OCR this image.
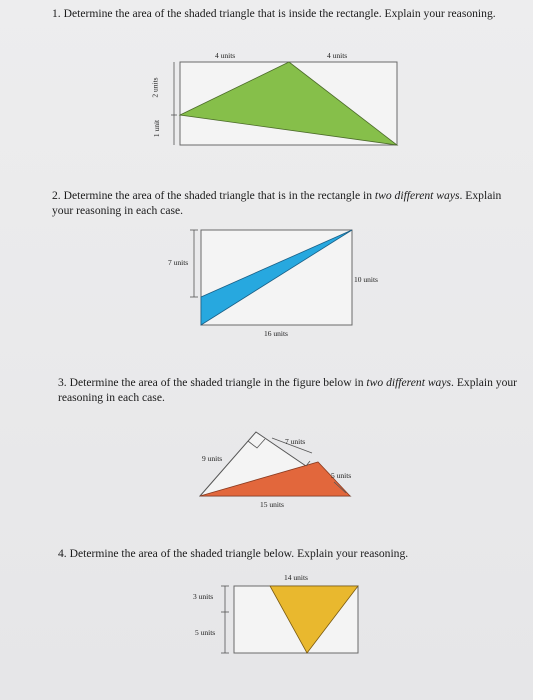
1. Determine the area of the shaded triangle that is inside the rectangle. Explain your reasoning.
2. Determine the area of the shaded triangle that is in the rectangle in two different ways. Explain your reasoning in each case.
3. Determine the area of the shaded triangle in the figure below in two different ways. Explain your reasoning in each case.
4. Determine the area of the shaded triangle below. Explain your reasoning.
4 units	4 units
2 units
1 unit
7 units
10 units
16 units
9 units
7 units
5 units
15 units
14 units
3 units
5 units
